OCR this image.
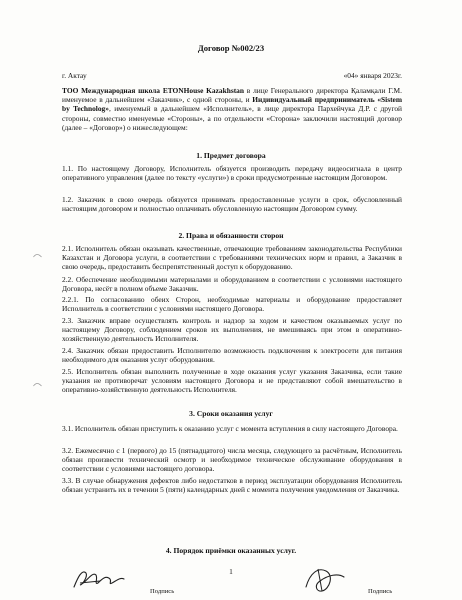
Договор №002/23
г. Актау	«04» января 2023г.

ТОО Международная школа ETONHouse Kazakhstan в лице Генерального директора Қаламқали Г.М. именуемое в дальнейшем «Заказчик», с одной стороны, и Индивидуальный предприниматель «Sistem by Technolog», именуемый в дальнейшем «Исполнитель», в лице директора Пархейчука Д.Р. с другой стороны, совместно именуемые «Стороны», а по отдельности «Сторона» заключили настоящий договор (далее – «Договор») о нижеследующем:

1. Предмет договора

1.1. По настоящему Договору, Исполнитель обязуется производить передачу видеосигнала в центр оперативного управления (далее по тексту «услуги») в сроки предусмотренные настоящим Договором.

1.2. Заказчик в свою очередь обязуется принимать предоставленные услуги в срок, обусловленный настоящим договором и полностью оплачивать обусловленную настоящим Договором сумму.

2. Права и обязанности сторон

2.1. Исполнитель обязан оказывать качественные, отвечающие требованиям законодательства Республики Казахстан и Договора услуги, в соответствии с требованиями технических норм и правил, а Заказчик в свою очередь, предоставить беспрепятственный доступ к оборудованию.

2.2. Обеспечение необходимыми материалами и оборудованием в соответствии с условиями настоящего Договора, несёт в полном объеме Заказчик.

2.2.1. По согласованию обеих Сторон, необходимые материалы и оборудование предоставляет Исполнитель в соответствии с условиями настоящего Договора.

2.3. Заказчик вправе осуществлять контроль и надзор за ходом и качеством оказываемых услуг по настоящему Договору, соблюдением сроков их выполнения, не вмешиваясь при этом в оперативно-хозяйственную деятельность Исполнителя.

2.4. Заказчик обязан предоставить Исполнителю возможность подключения к электросети для питания необходимого для оказания услуг оборудования.

2.5. Исполнитель обязан выполнить полученные в ходе оказания услуг указания Заказчика, если такие указания не противоречат условиям настоящего Договора и не представляют собой вмешательство в оперативно-хозяйственную деятельность Исполнителя.

3. Сроки оказания услуг

3.1. Исполнитель обязан приступить к оказанию услуг с момента вступления в силу настоящего Договора.

3.2. Ежемесячно с 1 (первого) до 15 (пятнадцатого) числа месяца, следующего за расчётным, Исполнитель обязан произвести технический осмотр и необходимое техническое обслуживание оборудования в соответствии с условиями настоящего договора.

3.3. В случае обнаружения дефектов либо недостатков в период эксплуатации оборудования Исполнитель обязан устранить их в течении 5 (пяти) календарных дней с момента получения уведомления от Заказчика.

4. Порядок приёмки оказанных услуг.
1
Подпись	Подпись
